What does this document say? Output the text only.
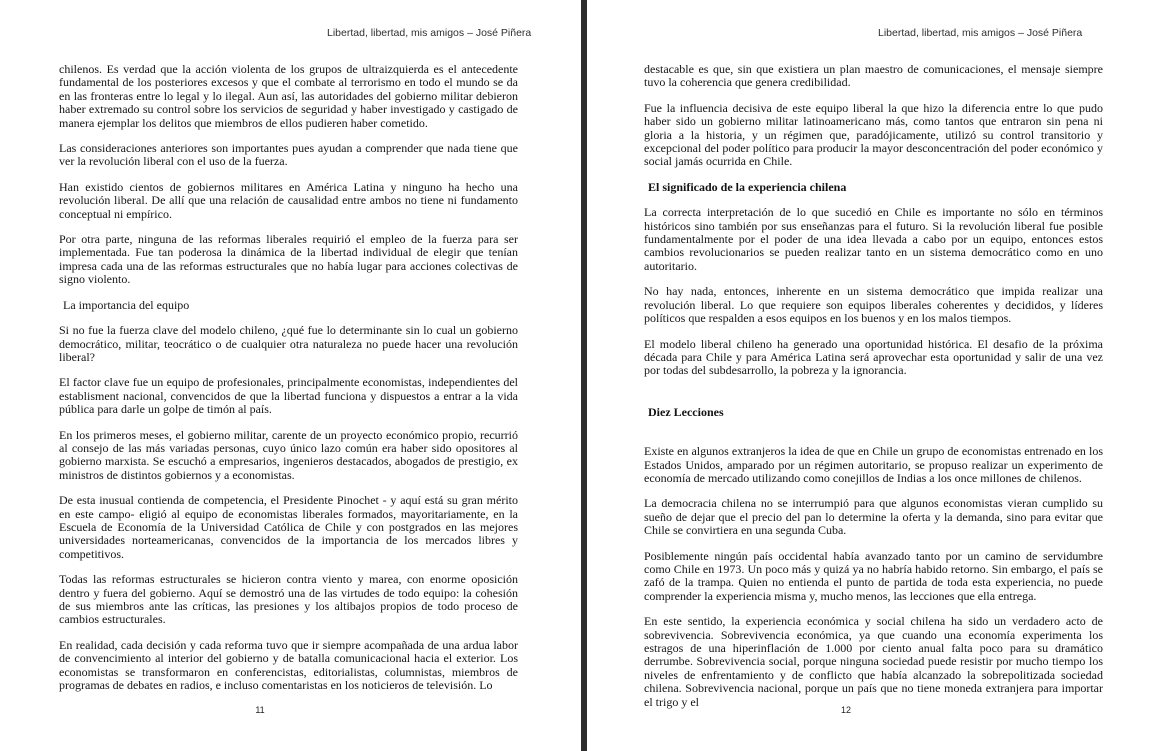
Libertad, libertad, mis amigos – José Piñera
chilenos. Es verdad que la acción violenta de los grupos de ultraizquierda es el antecedente fundamental de los posteriores excesos y que el combate al terrorismo en todo el mundo se da en las fronteras entre lo legal y lo ilegal. Aun así, las autoridades del gobierno militar debieron haber extremado su control sobre los servicios de seguridad y haber investigado y castigado de manera ejemplar los delitos que miembros de ellos pudieren haber cometido.
Las consideraciones anteriores son importantes pues ayudan a comprender que nada tiene que ver la revolución liberal con el uso de la fuerza.
Han existido cientos de gobiernos militares en América Latina y ninguno ha hecho una revolución liberal. De allí que una relación de causalidad entre ambos no tiene ni fundamento conceptual ni empírico.
Por otra parte, ninguna de las reformas liberales requirió el empleo de la fuerza para ser implementada. Fue tan poderosa la dinámica de la libertad individual de elegir que tenían impresa cada una de las reformas estructurales que no había lugar para acciones colectivas de signo violento.
La importancia del equipo
Si no fue la fuerza clave del modelo chileno, ¿qué fue lo determinante sin lo cual un gobierno democrático, militar, teocrático o de cualquier otra naturaleza no puede hacer una revolución liberal?
El factor clave fue un equipo de profesionales, principalmente economistas, independientes del establisment nacional, convencidos de que la libertad funciona y dispuestos a entrar a la vida pública para darle un golpe de timón al país.
En los primeros meses, el gobierno militar, carente de un proyecto económico propio, recurrió al consejo de las más variadas personas, cuyo único lazo común era haber sido opositores al gobierno marxista. Se escuchó a empresarios, ingenieros destacados, abogados de prestigio, ex ministros de distintos gobiernos y a economistas.
De esta inusual contienda de competencia, el Presidente Pinochet - y aquí está su gran mérito en este campo- eligió al equipo de economistas liberales formados, mayoritariamente, en la Escuela de Economía de la Universidad Católica de Chile y con postgrados en las mejores universidades norteamericanas, convencidos de la importancia de los mercados libres y competitivos.
Todas las reformas estructurales se hicieron contra viento y marea, con enorme oposición dentro y fuera del gobierno. Aquí se demostró una de las virtudes de todo equipo: la cohesión de sus miembros ante las críticas, las presiones y los altibajos propios de todo proceso de cambios estructurales.
En realidad, cada decisión y cada reforma tuvo que ir siempre acompañada de una ardua labor de convencimiento al interior del gobierno y de batalla comunicacional hacia el exterior. Los economistas se transformaron en conferencistas, editorialistas, columnistas, miembros de programas de debates en radios, e incluso comentaristas en los noticieros de televisión. Lo
11
Libertad, libertad, mis amigos – José Piñera
destacable es que, sin que existiera un plan maestro de comunicaciones, el mensaje siempre tuvo la coherencia que genera credibilidad.
Fue la influencia decisiva de este equipo liberal la que hizo la diferencia entre lo que pudo haber sido un gobierno militar latinoamericano más, como tantos que entraron sin pena ni gloria a la historia, y un régimen que, paradójicamente, utilizó su control transitorio y excepcional del poder político para producir la mayor desconcentración del poder económico y social jamás ocurrida en Chile.
El significado de la experiencia chilena
La correcta interpretación de lo que sucedió en Chile es importante no sólo en términos históricos sino también por sus enseñanzas para el futuro. Si la revolución liberal fue posible fundamentalmente por el poder de una idea llevada a cabo por un equipo, entonces estos cambios revolucionarios se pueden realizar tanto en un sistema democrático como en uno autoritario.
No hay nada, entonces, inherente en un sistema democrático que impida realizar una revolución liberal. Lo que requiere son equipos liberales coherentes y decididos, y líderes políticos que respalden a esos equipos en los buenos y en los malos tiempos.
El modelo liberal chileno ha generado una oportunidad histórica. El desafio de la próxima década para Chile y para América Latina será aprovechar esta oportunidad y salir de una vez por todas del subdesarrollo, la pobreza y la ignorancia.
Diez Lecciones
Existe en algunos extranjeros la idea de que en Chile un grupo de economistas entrenado en los Estados Unidos, amparado por un régimen autoritario, se propuso realizar un experimento de economía de mercado utilizando como conejillos de Indias a los once millones de chilenos.
La democracia chilena no se interrumpió para que algunos economistas vieran cumplido su sueño de dejar que el precio del pan lo determine la oferta y la demanda, sino para evitar que Chile se convirtiera en una segunda Cuba.
Posiblemente ningún país occidental había avanzado tanto por un camino de servidumbre como Chile en 1973. Un poco más y quizá ya no habría habido retorno. Sin embargo, el país se zafó de la trampa. Quien no entienda el punto de partida de toda esta experiencia, no puede comprender la experiencia misma y, mucho menos, las lecciones que ella entrega.
En este sentido, la experiencia económica y social chilena ha sido un verdadero acto de sobrevivencia. Sobrevivencia económica, ya que cuando una economía experimenta los estragos de una hiperinflación de 1.000 por ciento anual falta poco para su dramático derrumbe. Sobrevivencia social, porque ninguna sociedad puede resistir por mucho tiempo los niveles de enfrentamiento y de conflicto que había alcanzado la sobrepolitizada sociedad chilena. Sobrevivencia nacional, porque un país que no tiene moneda extranjera para importar el trigo y el
12
